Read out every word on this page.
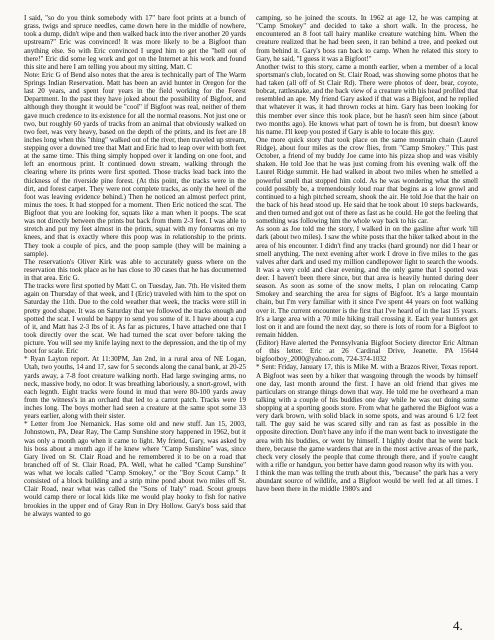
I said, "so do you think somebody with 17" bare foot prints at a bunch of grass, twigs and spruce needles, came down here in the middle of nowhere, took a dump, didn't wipe and then walked back into the river another 20 yards upstream?" Eric was convinced! It was more likely to be a Bigfoot than anything else. So with Eric convinced I urged him to get the "hell out of there!" Eric did some leg work and got on the Internet at his work and found this site and here I am telling you about my sitting. Matt. C

Note: Eric G of Bend also notes that the area is technically part of The Warm Springs Indian Reservation. Matt has been an avid hunter in Oregon for the last 20 years, and spent four years in the field working for the Forest Department. In the past they have joked about the possibility of Bigfoot, and although they thought it would be "cool" if Bigfoot was real, neither of them gave much credence to its existence for all the normal reasons. Not just one or two, but roughly 60 yards of tracks from an animal that obviously walked on two feet, was very heavy, based on the depth of the prints, and its feet are 18 inches long when this "thing" walked out of the river, then traveled up stream, stepping over a downed tree that Matt and Eric had to leap over with both feet at the same time. This thing simply hopped over it landing on one foot, and left an enormous print. It continued down stream, walking through the clearing where its prints were first spotted. Those tracks lead back into the thickness of the riverside pine forest. (At this point, the tracks were in the dirt, and forest carpet. They were not complete tracks, as only the heel of the foot was leaving evidence behind.) Then he noticed an almost perfect print, minus the toes. It had stopped for a moment. Then Eric noticed the scat. The Bigfoot that you are looking for, squats like a man when it poops. The scat was not directly between the prints but back from them 2-3 feet. I was able to stretch and put my feet almost in the prints, squat with my forearms on my knees, and that is exactly where this poop was in relationship to the prints. They took a couple of pics, and the poop sample (they will be maining a sample).

The reservation's Oliver Kirk was able to accurately guess where on the reservation this took place as he has close to 30 cases that he has documented in that area. Eric G.

The tracks were first spotted by Matt C. on Tuesday, Jan. 7th. He visited them again on Thursday of that week, and I (Eric) traveled with him to the spot on Saturday the 11th. Due to the cold weather that week, the tracks were still in pretty good shape. It was on Saturday that we followed the tracks enough and spotted the scat. I would be happy to send you some of it. I have about a cup of it, and Matt has 2-3 lbs of it. As far as pictures, I have attached one that I took directly over the scat. We had turned the scat over before taking the picture. You will see my knife laying next to the depression, and the tip of my boot for scale. Eric

* Ryan Layton report. At 11:30PM, Jan 2nd, in a rural area of NE Logan, Utah, two youths, 14 and 17, saw for 5 seconds along the canal bank, at 20-25 yards away, a 7-8 foot creature walking north. Had large swinging arms, no neck, massive body, no odor. It was breathing laboriously, a snort-growl, with each legnth. Eight tracks were found in mud that were 80-100 yards away from the witness's in an orchard that led to a carrot patch. Tracks were 19 inches long. The boys mother had seen a creature at the same spot some 33 years earlier, along with their sister.

* Letter from Joe Nemanick. Has some old and new stuff. Jan 15, 2003, Johnstown, PA, Dear Ray, The Camp Sunshine story happened in 1962, but it was only a month ago when it came to light. My friend, Gary, was asked by his boss about a month ago if he knew where "Camp Sunshine" was, since Gary lived on St. Clair Road and he remembered it to be on a road that branched off of St. Clair Road, PA. Well, what he called "Camp Sunshine" was what we locals called "Camp Smokey," or the "Boy Scout Camp." It consisted of a block building and a strip mine pond about two miles off St. Clair Road, near what was called the "Sons of Italy" road. Scout groups would camp there or local kids like me would play hooky to fish for native brookies in the upper end of Gray Run in Dry Hollow. Gary's boss said that he always wanted to go

camping, so he joined the scouts. In 1962 at age 12, he was camping at "Camp Smokey" and decided to take a short walk. In the process, he encountered an 8 foot tall hairy manlike creature watching him. When the creature realized that he had been seen, it ran behind a tree, and peeked out from behind it. Gary's boss ran back to camp. When he related this story to Gary, he said, "I guess it was a Bigfoot!"

Another twist to this story, came a month earlier, when a member of a local sportsman's club, located on St. Clair Road, was showing some photos that he had taken (all off of St Clair Rd). There were photos of deer, bear, coyote, bobcat, rattlesnake, and the back view of a creature with his head profiled that resembled an ape. My friend Gary asked if that was a Bigfoot, and he replied that whatever it was, it had thrown rocks at him. Gary has been looking for this member ever since this took place, but he hasn't seen him since (about two months ago). He knows what part of town he is from, but doesn't know his name. I'll keep you posted if Gary is able to locate this guy.

One more quick story that took place on the same mountain chain (Laurel Ridge), about four miles as the crow flies, from "Camp Smokey." This past October, a friend of my buddy Joe came into his pizza shop and was visibly shaken. He told Joe that he was just coming from his evening walk off the Laurel Ridge summit. He had walked in about two miles when he smelled a powerful smell that stopped him cold. As he was wondering what the smell could possibly be, a tremendously loud roar that begins as a low growl and continued to a high pitched scream, shook the air. He told Joe that the hair on the back of his head stood up. He said that he took about 10 steps backwards, and then turned and got out of there as fast as he could. He got the feeling that something was following him the whole way back to his car.

As soon as Joe told me the story, I walked in on the gasline after work 'till dark (about two miles). I saw the white posts that the hiker talked about in the area of his encounter. I didn't find any tracks (hard ground) nor did I hear or smell anything. The next evening after work I drove in five miles to the gas valves after dark and used my million candlepower light to search the woods. It was a very cold and clear evening, and the only game that I spotted was deer. I haven't been there since, but that area is heavily hunted during deer season. As soon as some of the snow melts, I plan on relocating Camp Smokey and searching the area for signs of Bigfoot. It's a large mountain chain, but I'm very familiar with it since I've spent 44 years on foot walking over it. The current encounter is the first that I've heard of in the last 15 years. It's a large area with a 70 mile hiking trail crossing it. Each year hunters get lost on it and are found the next day, so there is lots of room for a Bigfoot to remain hidden.

(Editor) Have alerted the Pennsylvania Bigfoot Society director Eric Altman of this letter. Eric at 26 Cardinal Drive, Jeanette. PA 15644 bigfootboy_2000@yahoo.com, 724-374-1032

* Sent: Friday, January 17, this is Mike M. with a Brazos River, Texas report. A Bigfoot was seen by a hiker that wasgoing through the woods by himself one day, last month around the first. I have an old friend that gives me particulars on strange things down that way. He told me he overheard a man talking with a couple of his buddies one day while he was out doing some shopping at a sporting goods store. From what he gathered the Bigfoot was a very dark brown, with solid black in some spots, and was around 6 1/2 feet tall. The guy said he was scared silly and ran as fast as possible in the opposite direction. Don't have any info if the man went back to investigate the area with his buddies, or went by himself. I highly doubt that he went back there, because the game wardens that are in the most active areas of the park, check very closely the people that come through there, and if you're caught with a rifle or handgun, you better have damn good reason why its with you.

I think the man was telling the truth about this, "because" the park has a very abundant source of wildlife, and a Bigfoot would be well fed at all times. I have been there in the middle 1980's and

4.
